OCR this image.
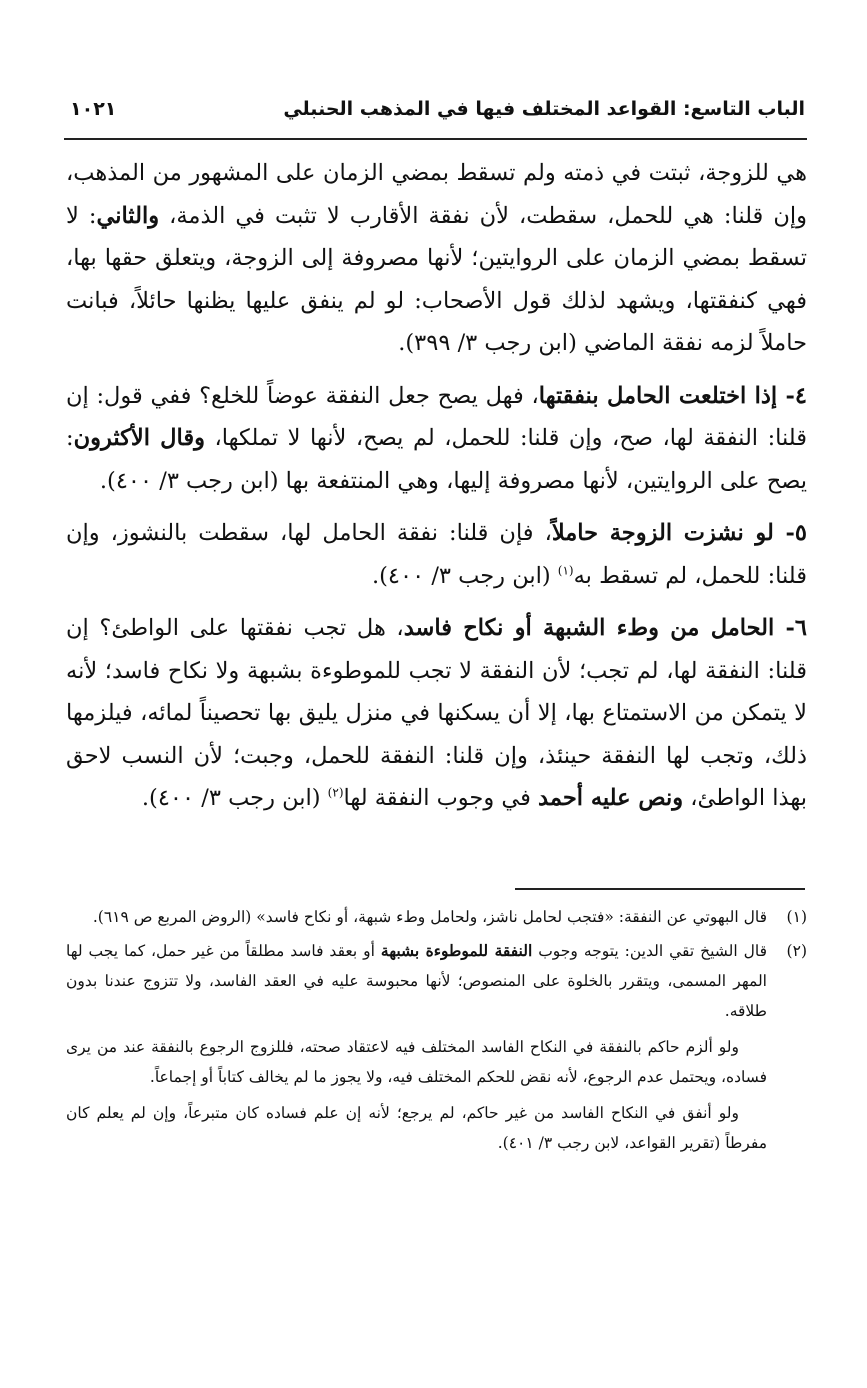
الباب التاسع: القواعد المختلف فيها في المذهب الحنبلي
١٠٢١

هي للزوجة، ثبتت في ذمته ولم تسقط بمضي الزمان على المشهور من المذهب، وإن قلنا: هي للحمل، سقطت، لأن نفقة الأقارب لا تثبت في الذمة، والثاني: لا تسقط بمضي الزمان على الروايتين؛ لأنها مصروفة إلى الزوجة، ويتعلق حقها بها، فهي كنفقتها، ويشهد لذلك قول الأصحاب: لو لم ينفق عليها يظنها حائلاً، فبانت حاملاً لزمه نفقة الماضي (ابن رجب ٣/ ٣٩٩).

٤- إذا اختلعت الحامل بنفقتها، فهل يصح جعل النفقة عوضاً للخلع؟ ففي قول: إن قلنا: النفقة لها، صح، وإن قلنا: للحمل، لم يصح، لأنها لا تملكها، وقال الأكثرون: يصح على الروايتين، لأنها مصروفة إليها، وهي المنتفعة بها (ابن رجب ٣/ ٤٠٠).

٥- لو نشزت الزوجة حاملاً، فإن قلنا: نفقة الحامل لها، سقطت بالنشوز، وإن قلنا: للحمل، لم تسقط به$^{(١)}$ (ابن رجب ٣/ ٤٠٠).

٦- الحامل من وطء الشبهة أو نكاح فاسد، هل تجب نفقتها على الواطئ؟ إن قلنا: النفقة لها، لم تجب؛ لأن النفقة لا تجب للموطوءة بشبهة ولا نكاح فاسد؛ لأنه لا يتمكن من الاستمتاع بها، إلا أن يسكنها في منزل يليق بها تحصيناً لمائه، فيلزمها ذلك، وتجب لها النفقة حينئذ، وإن قلنا: النفقة للحمل، وجبت؛ لأن النسب لاحق بهذا الواطئ، ونص عليه أحمد في وجوب النفقة لها$^{(٢)}$ (ابن رجب ٣/ ٤٠٠).

(١)
قال البهوتي عن النفقة: «فتجب لحامل ناشز، ولحامل وطء شبهة، أو نكاح فاسد» (الروض المربع ص ٦١٩).
(٢)
قال الشيخ تقي الدين: يتوجه وجوب النفقة للموطوءة بشبهة أو بعقد فاسد مطلقاً من غير حمل، كما يجب لها المهر المسمى، ويتقرر بالخلوة على المنصوص؛ لأنها محبوسة عليه في العقد الفاسد، ولا تتزوج عندنا بدون طلاقه.
ولو ألزم حاكم بالنفقة في النكاح الفاسد المختلف فيه لاعتقاد صحته، فللزوج الرجوع بالنفقة عند من يرى فساده، ويحتمل عدم الرجوع، لأنه نقض للحكم المختلف فيه، ولا يجوز ما لم يخالف كتاباً أو إجماعاً.
ولو أنفق في النكاح الفاسد من غير حاكم، لم يرجع؛ لأنه إن علم فساده كان متبرعاً، وإن لم يعلم كان مفرطاً (تقرير القواعد، لابن رجب ٣/ ٤٠١).
